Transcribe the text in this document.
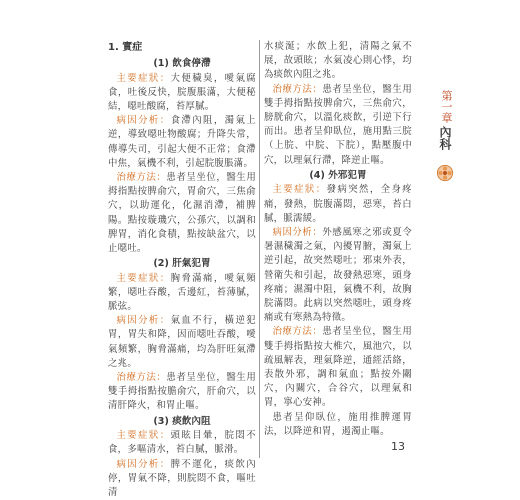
1. 實症

(1) 飲食停滯

主要症狀：大便穢臭，噯氣腐食，吐後反快，脘腹脹滿，大便秘結，噁吐酸腐，苔厚膩。

病因分析：食滯內阻，濁氣上逆，導致噁吐物酸腐；升降失常，傳導失司，引起大便不正常；食滯中焦，氣機不利，引起脘腹脹滿。

治療方法：患者呈坐位，醫生用拇指點按脾俞穴，胃俞穴，三焦俞穴，以助運化，化濕消滯，補脾陽。點按璇璣穴，公孫穴，以調和脾胃，消化食積，點按缺盆穴，以止噁吐。

(2) 肝氣犯胃

主要症狀：胸脅滿痛，噯氣頻繁，噁吐吞酸，舌邊紅，苔薄膩，脈弦。

病因分析：氣血不行，橫逆犯胃，胃失和降，因而噁吐吞酸，噯氣頻繁，胸脅滿痛，均為肝旺氣滯之兆。

治療方法：患者呈坐位，醫生用雙手拇指點按膽俞穴，肝俞穴，以清肝降火，和胃止嘔。

(3) 痰飲內阻

主要症狀：頭眩目暈，脘悶不食，多嘔清水，苔白膩，脈滑。

病因分析：脾不運化，痰飲內停，胃氣不降，則脘悶不食，嘔吐清

水痰涎；水飲上犯，清陽之氣不展，故頭眩；水氣凌心則心悸，均為痰飲內阻之兆。

治療方法：患者呈坐位，醫生用雙手拇指點按脾俞穴，三焦俞穴，膀胱俞穴，以溫化痰飲，引逆下行而出。患者呈仰臥位，施用點三脘（上脘、中脘、下脘），點壓腹中穴，以理氣行滯，降逆止嘔。

(4) 外邪犯胃

主要症狀：發病突然，全身疼痛，發熱，脘腹滿悶，惡寒，苔白膩，脈濡緩。

病因分析：外感風寒之邪或夏令暑濕穢濁之氣，內擾胃腑，濁氣上逆引起，故突然噁吐；邪束外表，營衛失和引起，故發熱惡寒，頭身疼痛；濕濁中阻，氣機不利，故胸脘滿悶。此病以突然噁吐，頭身疼痛或有寒熱為特徵。

治療方法：患者呈坐位，醫生用雙手拇指點按大椎穴，風池穴，以疏風解表，理氣降逆，通經活絡，表散外邪，調和氣血；點按外關穴，內關穴，合谷穴，以理氣和胃，寧心安神。

患者呈仰臥位，施用推脾運胃法，以降逆和胃，遏濁止嘔。

第一章
內科
13
